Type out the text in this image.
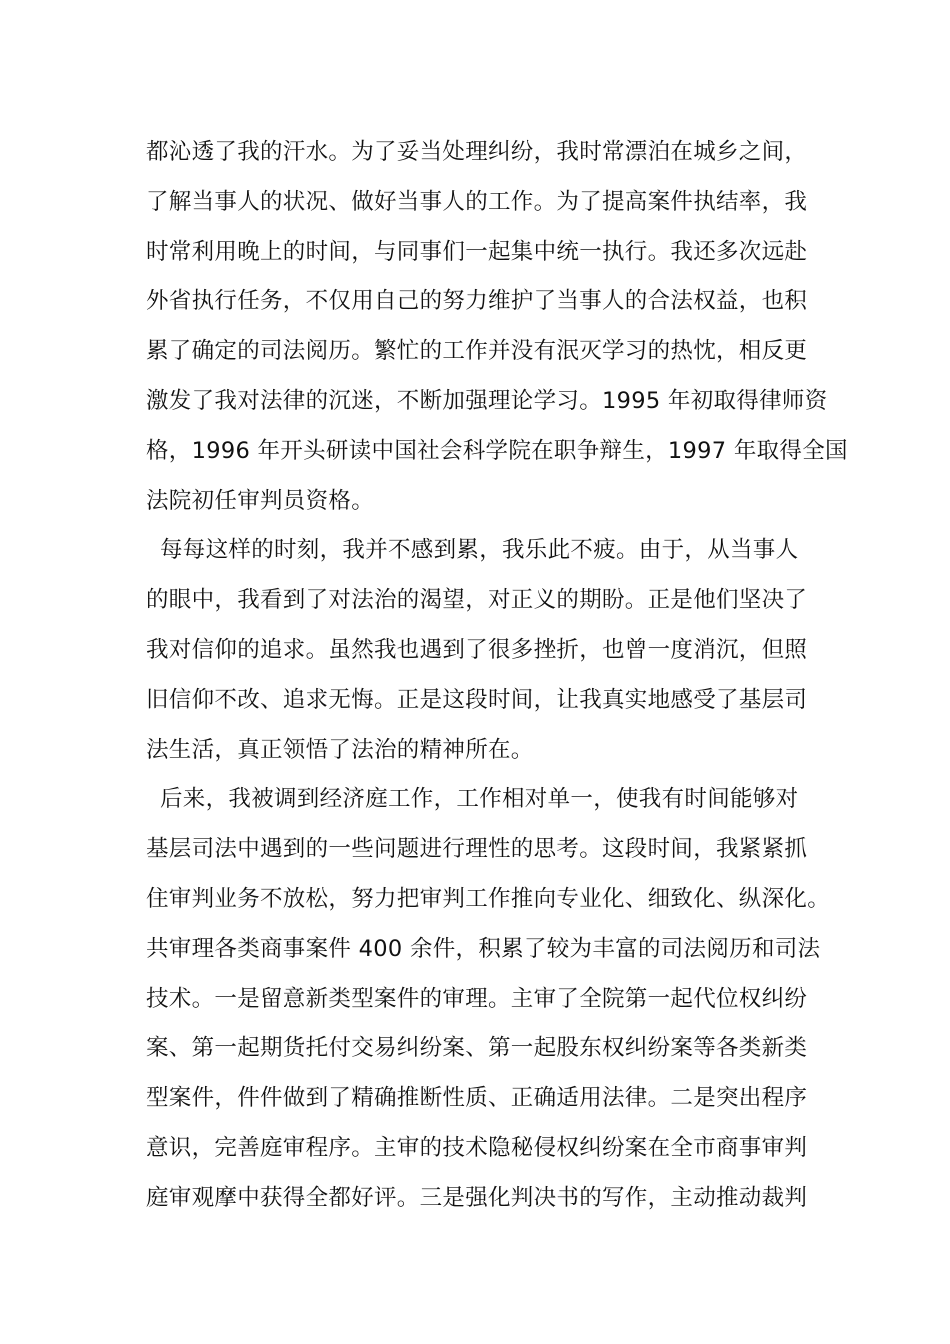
都沁透了我的汗水。为了妥当处理纠纷，我时常漂泊在城乡之间，
了解当事人的状况、做好当事人的工作。为了提高案件执结率，我
时常利用晚上的时间，与同事们一起集中统一执行。我还多次远赴
外省执行任务，不仅用自己的努力维护了当事人的合法权益，也积
累了确定的司法阅历。繁忙的工作并没有泯灭学习的热忱，相反更
激发了我对法律的沉迷，不断加强理论学习。1995 年初取得律师资
格，1996 年开头研读中国社会科学院在职争辩生，1997 年取得全国
法院初任审判员资格。
每每这样的时刻，我并不感到累，我乐此不疲。由于，从当事人
的眼中，我看到了对法治的渴望，对正义的期盼。正是他们坚决了
我对信仰的追求。虽然我也遇到了很多挫折，也曾一度消沉，但照
旧信仰不改、追求无悔。正是这段时间，让我真实地感受了基层司
法生活，真正领悟了法治的精神所在。
后来，我被调到经济庭工作，工作相对单一，使我有时间能够对
基层司法中遇到的一些问题进行理性的思考。这段时间，我紧紧抓
住审判业务不放松，努力把审判工作推向专业化、细致化、纵深化。
共审理各类商事案件 400 余件，积累了较为丰富的司法阅历和司法
技术。一是留意新类型案件的审理。主审了全院第一起代位权纠纷
案、第一起期货托付交易纠纷案、第一起股东权纠纷案等各类新类
型案件，件件做到了精确推断性质、正确适用法律。二是突出程序
意识，完善庭审程序。主审的技术隐秘侵权纠纷案在全市商事审判
庭审观摩中获得全都好评。三是强化判决书的写作，主动推动裁判
